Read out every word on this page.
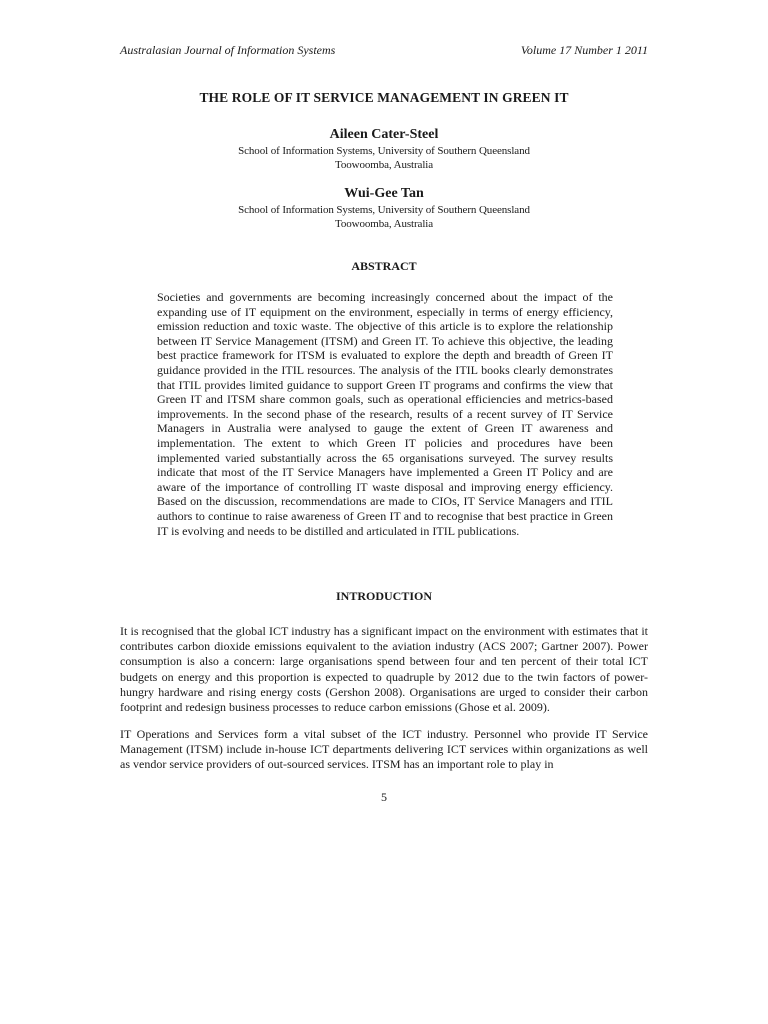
Australasian Journal of Information Systems	Volume 17 Number 1 2011
THE ROLE OF IT SERVICE MANAGEMENT IN GREEN IT
Aileen Cater-Steel
School of Information Systems, University of Southern Queensland
Toowoomba, Australia
Wui-Gee Tan
School of Information Systems, University of Southern Queensland
Toowoomba, Australia
ABSTRACT

Societies and governments are becoming increasingly concerned about the impact of the expanding use of IT equipment on the environment, especially in terms of energy efficiency, emission reduction and toxic waste. The objective of this article is to explore the relationship between IT Service Management (ITSM) and Green IT. To achieve this objective, the leading best practice framework for ITSM is evaluated to explore the depth and breadth of Green IT guidance provided in the ITIL resources. The analysis of the ITIL books clearly demonstrates that ITIL provides limited guidance to support Green IT programs and confirms the view that Green IT and ITSM share common goals, such as operational efficiencies and metrics-based improvements. In the second phase of the research, results of a recent survey of IT Service Managers in Australia were analysed to gauge the extent of Green IT awareness and implementation. The extent to which Green IT policies and procedures have been implemented varied substantially across the 65 organisations surveyed. The survey results indicate that most of the IT Service Managers have implemented a Green IT Policy and are aware of the importance of controlling IT waste disposal and improving energy efficiency. Based on the discussion, recommendations are made to CIOs, IT Service Managers and ITIL authors to continue to raise awareness of Green IT and to recognise that best practice in Green IT is evolving and needs to be distilled and articulated in ITIL publications.

INTRODUCTION

It is recognised that the global ICT industry has a significant impact on the environment with estimates that it contributes carbon dioxide emissions equivalent to the aviation industry (ACS 2007; Gartner 2007). Power consumption is also a concern: large organisations spend between four and ten percent of their total ICT budgets on energy and this proportion is expected to quadruple by 2012 due to the twin factors of power-hungry hardware and rising energy costs (Gershon 2008). Organisations are urged to consider their carbon footprint and redesign business processes to reduce carbon emissions (Ghose et al. 2009).

IT Operations and Services form a vital subset of the ICT industry. Personnel who provide IT Service Management (ITSM) include in-house ICT departments delivering ICT services within organizations as well as vendor service providers of out-sourced services. ITSM has an important role to play in

5
